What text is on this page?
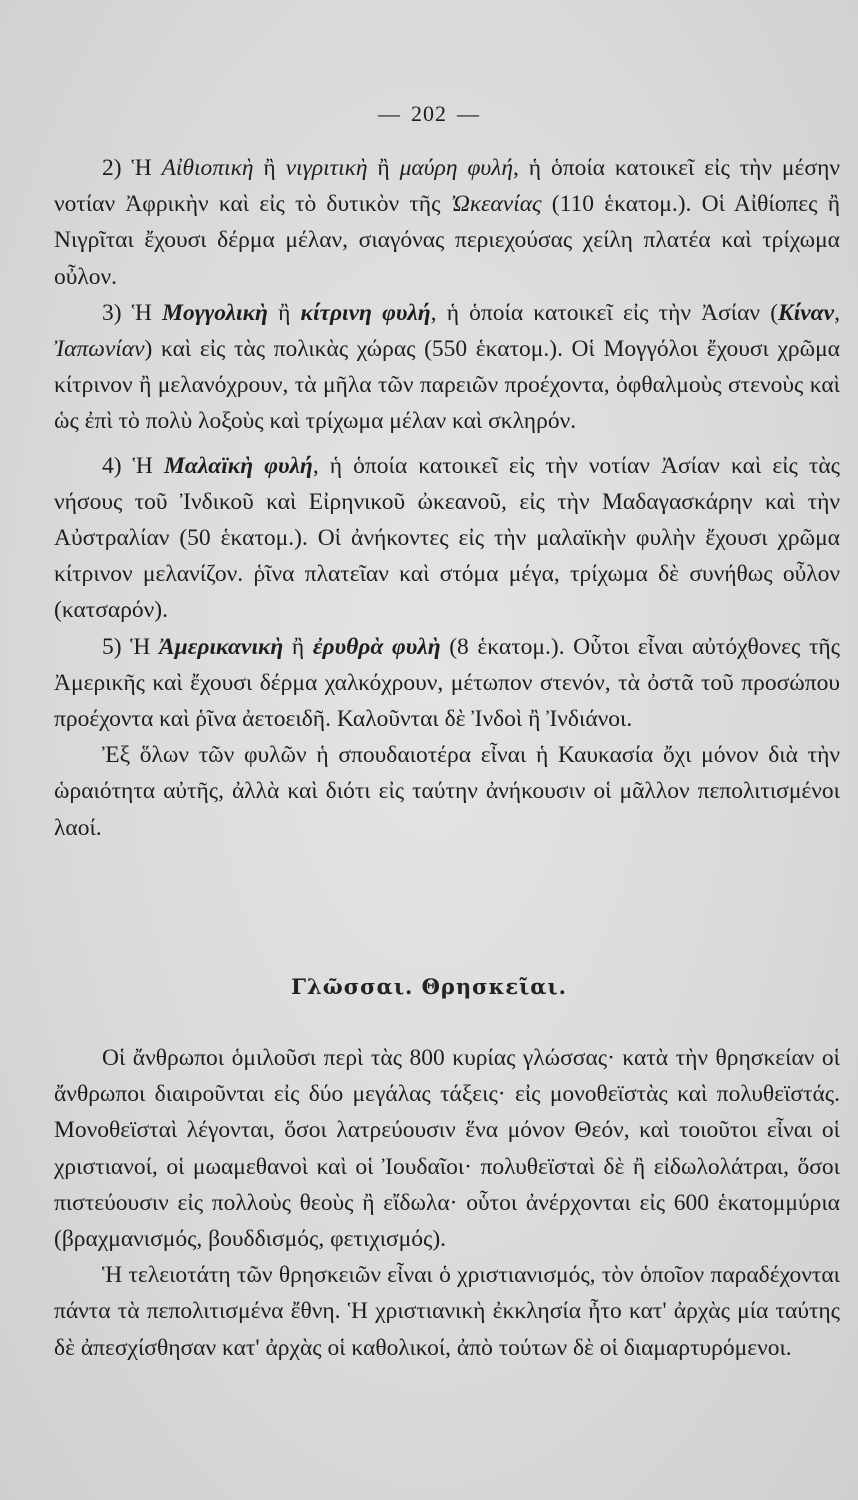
— 202 —

2) Ἡ Αἰθιοπικὴ ἢ νιγριτικὴ ἢ μαύρη φυλή, ἡ ὁποία κατοικεῖ εἰς τὴν μέσην νοτίαν Ἀφρικὴν καὶ εἰς τὸ δυτικὸν τῆς Ὠκεανίας (110 ἑκατομ.). Οἱ Αἰθίοπες ἢ Νιγρῖται ἔχουσι δέρμα μέλαν, σιαγόνας περιεχούσας χείλη πλατέα καὶ τρίχωμα οὖλον.

3) Ἡ Μογγολικὴ ἢ κίτρινη φυλή, ἡ ὁποία κατοικεῖ εἰς τὴν Ἀσίαν (Κίναν, Ἰαπωνίαν) καὶ εἰς τὰς πολικὰς χώρας (550 ἑκατομ.). Οἱ Μογγόλοι ἔχουσι χρῶμα κίτρινον ἢ μελανόχρουν, τὰ μῆλα τῶν παρειῶν προέχοντα, ὀφθαλμοὺς στενοὺς καὶ ὡς ἐπὶ τὸ πολὺ λοξοὺς καὶ τρίχωμα μέλαν καὶ σκληρόν.

4) Ἡ Μαλαϊκὴ φυλή, ἡ ὁποία κατοικεῖ εἰς τὴν νοτίαν Ἀσίαν καὶ εἰς τὰς νήσους τοῦ Ἰνδικοῦ καὶ Εἰρηνικοῦ ὠκεανοῦ, εἰς τὴν Μαδαγασκάρην καὶ τὴν Αὐστραλίαν (50 ἑκατομ.). Οἱ ἀνήκοντες εἰς τὴν μαλαϊκὴν φυλὴν ἔχουσι χρῶμα κίτρινον μελανίζον. ῥῖνα πλατεῖαν καὶ στόμα μέγα, τρίχωμα δὲ συνήθως οὖλον (κατσαρόν).

5) Ἡ Ἀμερικανικὴ ἢ ἐρυθρὰ φυλὴ (8 ἑκατομ.). Οὗτοι εἶναι αὐτόχθονες τῆς Ἀμερικῆς καὶ ἔχουσι δέρμα χαλκόχρουν, μέτωπον στενόν, τὰ ὀστᾶ τοῦ προσώπου προέχοντα καὶ ῥῖνα ἀετοειδῆ. Καλοῦνται δὲ Ἰνδοὶ ἢ Ἰνδιάνοι.

Ἐξ ὅλων τῶν φυλῶν ἡ σπουδαιοτέρα εἶναι ἡ Καυκασία ὄχι μόνον διὰ τὴν ὡραιότητα αὐτῆς, ἀλλὰ καὶ διότι εἰς ταύτην ἀνήκουσιν οἱ μᾶλλον πεπολιτισμένοι λαοί.

Γλῶσσαι. Θρησκεῖαι.

Οἱ ἄνθρωποι ὁμιλοῦσι περὶ τὰς 800 κυρίας γλώσσας· κατὰ τὴν θρησκείαν οἱ ἄνθρωποι διαιροῦνται εἰς δύο μεγάλας τάξεις· εἰς μονοθεϊστὰς καὶ πολυθεϊστάς. Μονοθεϊσταὶ λέγονται, ὅσοι λατρεύουσιν ἕνα μόνον Θεόν, καὶ τοιοῦτοι εἶναι οἱ χριστιανοί, οἱ μωαμεθανοὶ καὶ οἱ Ἰουδαῖοι· πολυθεϊσταὶ δὲ ἢ εἰδωλολάτραι, ὅσοι πιστεύουσιν εἰς πολλοὺς θεοὺς ἢ εἴδωλα· οὗτοι ἀνέρχονται εἰς 600 ἑκατομμύρια (βραχμανισμός, βουδδισμός, φετιχισμός).

Ἡ τελειοτάτη τῶν θρησκειῶν εἶναι ὁ χριστιανισμός, τὸν ὁποῖον παραδέχονται πάντα τὰ πεπολιτισμένα ἔθνη. Ἡ χριστιανικὴ ἐκκλησία ἦτο κατ' ἀρχὰς μία ταύτης δὲ ἀπεσχίσθησαν κατ' ἀρχὰς οἱ καθολικοί, ἀπὸ τούτων δὲ οἱ διαμαρτυρόμενοι.
